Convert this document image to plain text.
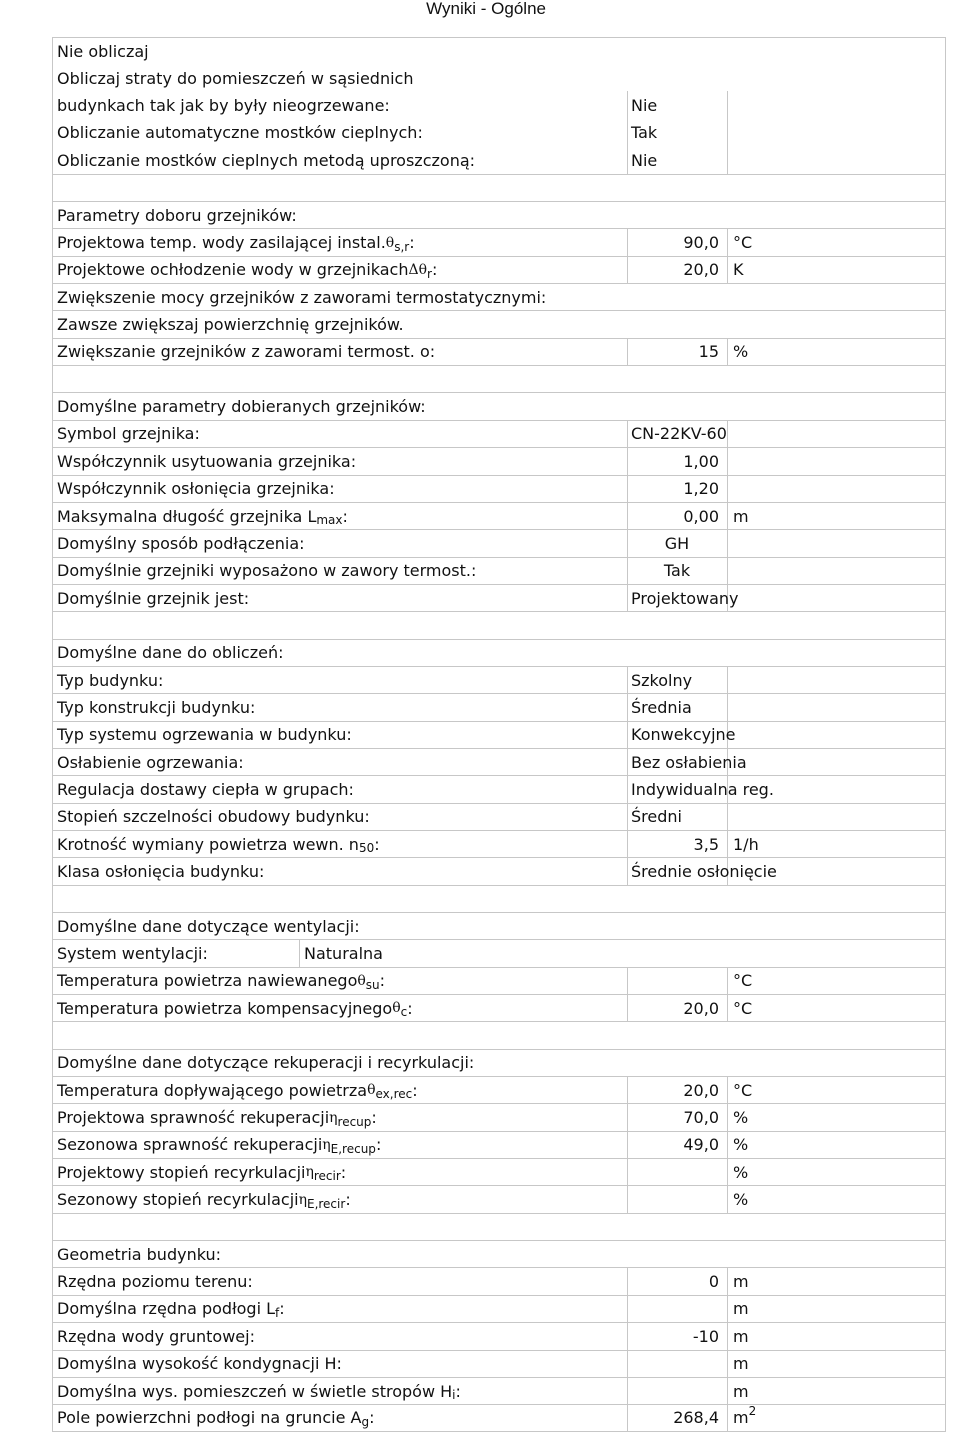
Wyniki - Ogólne
Nie obliczaj
Obliczaj straty do pomieszczeń w sąsiednich
budynkach tak jak by były nieogrzewane:	Nie
Obliczanie automatyczne mostków cieplnych:	Tak
Obliczanie mostków cieplnych metodą uproszczoną:	Nie
Parametry doboru grzejników:
Projektowa temp. wody zasilającej instal. θ s,r :	90,0 °C
Projektowe ochłodzenie wody w grzejnikach Δθ r :	20,0 K
Zwiększenie mocy grzejników z zaworami termostatycznymi:
Zawsze zwiększaj powierzchnię grzejników.
Zwiększanie grzejników z zaworami termost. o:	15 %
Domyślne parametry dobieranych grzejników:
Symbol grzejnika:	CN-22KV-60
Współczynnik usytuowania grzejnika:	1,00
Współczynnik osłonięcia grzejnika:	1,20
Maksymalna długość grzejnika L max :	0,00 m
Domyślny sposób podłączenia:	GH
Domyślnie grzejniki wyposażono w zawory termost.:	Tak
Domyślnie grzejnik jest:	Projektowany
Domyślne dane do obliczeń:
Typ budynku:	Szkolny
Typ konstrukcji budynku:	Średnia
Typ systemu ogrzewania w budynku:	Konwekcyjne
Osłabienie ogrzewania:	Bez osłabienia
Regulacja dostawy ciepła w grupach:	Indywidualna reg.
Stopień szczelności obudowy budynku:	Średni
Krotność wymiany powietrza wewn. n 50 :	3,5 1/h
Klasa osłonięcia budynku:	Średnie osłonięcie
Domyślne dane dotyczące wentylacji:
System wentylacji:	Naturalna
Temperatura powietrza nawiewanego θ su :	°C
Temperatura powietrza kompensacyjnego θ c :	20,0 °C
Domyślne dane dotyczące rekuperacji i recyrkulacji:
Temperatura dopływającego powietrza θ ex,rec :	20,0 °C
Projektowa sprawność rekuperacji η recup :	70,0 %
Sezonowa sprawność rekuperacji η E,recup :	49,0 %
Projektowy stopień recyrkulacji η recir :	%
Sezonowy stopień recyrkulacji η E,recir :	%
Geometria budynku:
Rzędna poziomu terenu:	0 m
Domyślna rzędna podłogi L f :	m
Rzędna wody gruntowej:	-10 m
Domyślna wysokość kondygnacji H:	m
Domyślna wys. pomieszczeń w świetle stropów H i :	m
Pole powierzchni podłogi na gruncie A g :	268,4 m 2
